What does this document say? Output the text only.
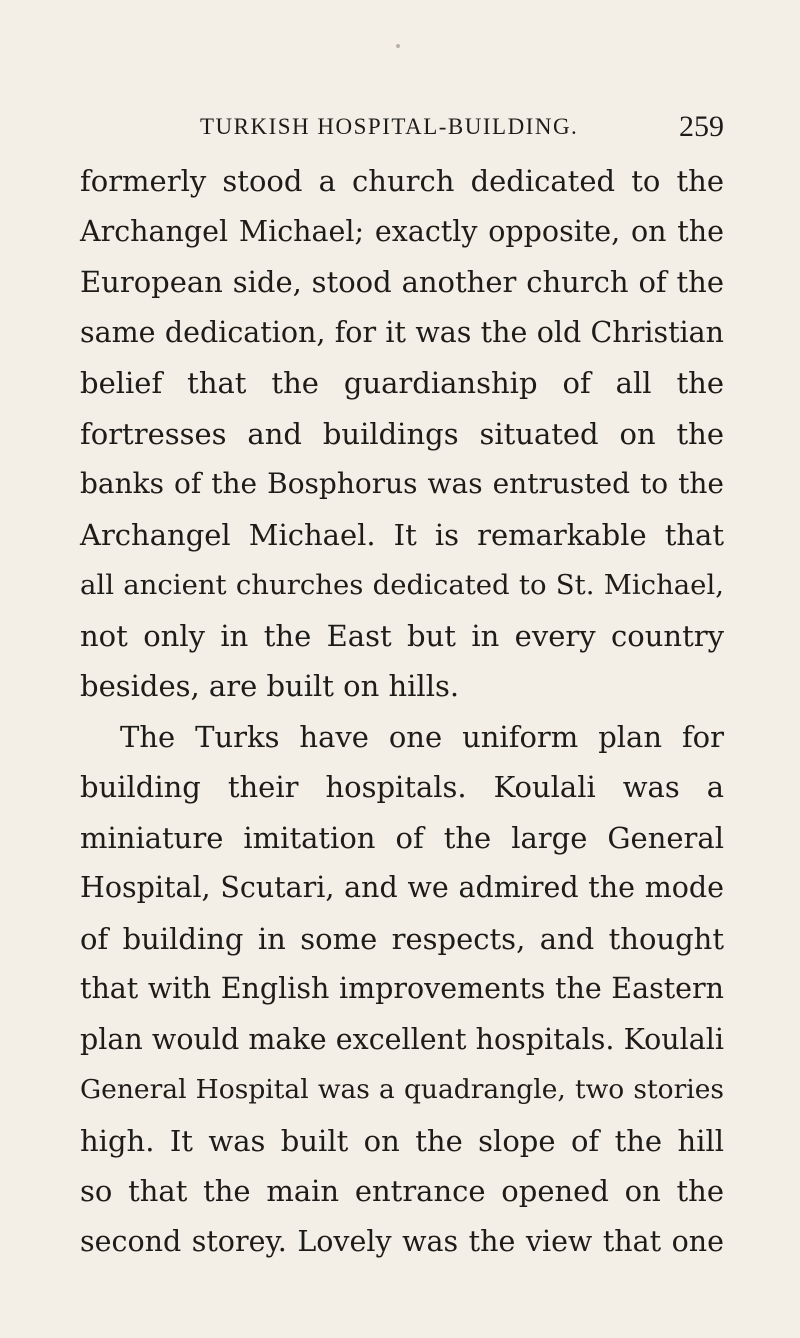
TURKISH HOSPITAL-BUILDING.	259
formerly stood a church dedicated to the
Archangel Michael; exactly opposite, on the
European side, stood another church of the
same dedication, for it was the old Christian
belief that the guardianship of all the
fortresses and buildings situated on the
banks of the Bosphorus was entrusted to the
Archangel Michael. It is remarkable that
all ancient churches dedicated to St. Michael,
not only in the East but in every country
besides, are built on hills.
The Turks have one uniform plan for
building their hospitals. Koulali was a
miniature imitation of the large General
Hospital, Scutari, and we admired the mode
of building in some respects, and thought
that with English improvements the Eastern
plan would make excellent hospitals. Koulali
General Hospital was a quadrangle, two stories
high. It was built on the slope of the hill
so that the main entrance opened on the
second storey. Lovely was the view that one
